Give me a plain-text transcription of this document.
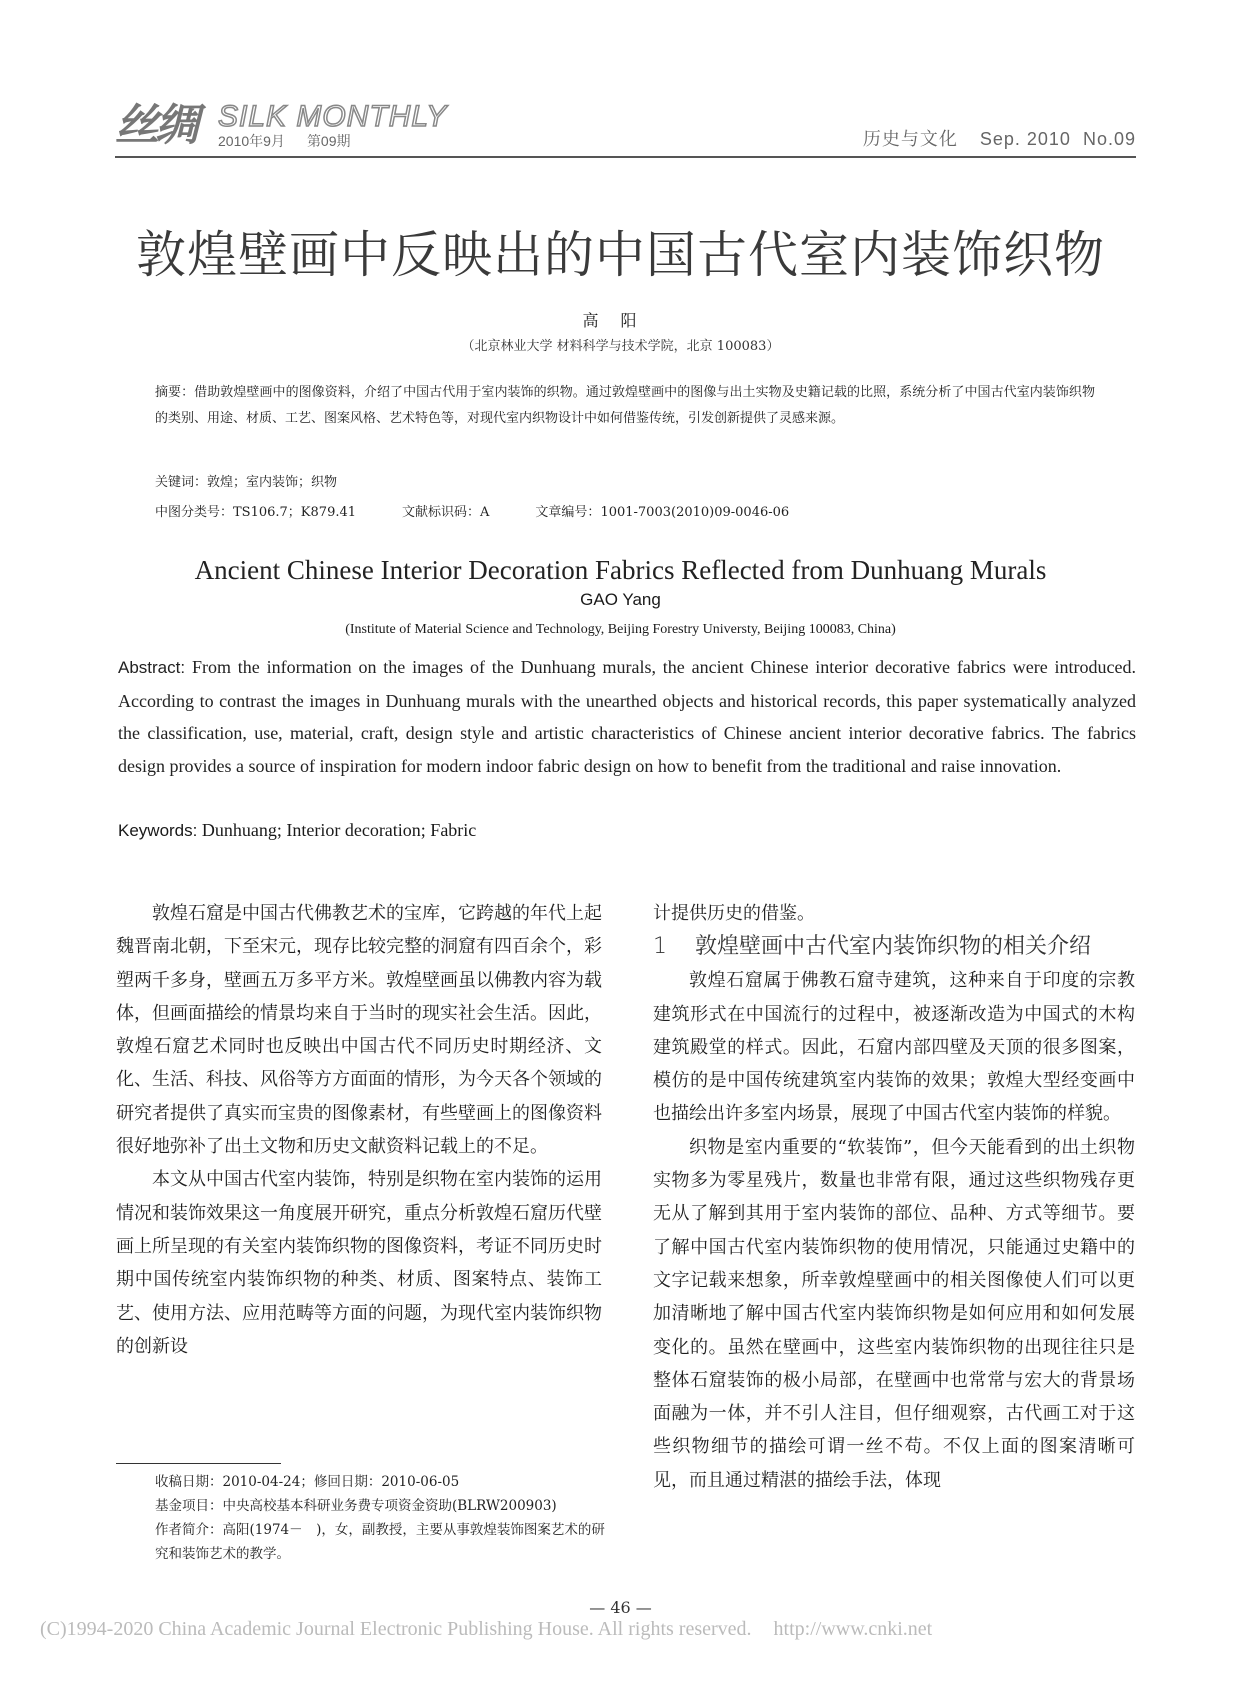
丝绸 SILK MONTHLY
2010年9月 第09期	历史与文化 Sep. 2010 No.09
敦煌壁画中反映出的中国古代室内装饰织物
高阳
（北京林业大学 材料科学与技术学院，北京 100083）
摘要：借助敦煌壁画中的图像资料，介绍了中国古代用于室内装饰的织物。通过敦煌壁画中的图像与出土实物及史籍记载的比照，系统分析了中国古代室内装饰织物的类别、用途、材质、工艺、图案风格、艺术特色等，对现代室内织物设计中如何借鉴传统，引发创新提供了灵感来源。
关键词：敦煌；室内装饰；织物
中图分类号：TS106.7；K879.41	文献标识码：A	文章编号：1001-7003(2010)09-0046-06
Ancient Chinese Interior Decoration Fabrics Reflected from Dunhuang Murals
GAO Yang
(Institute of Material Science and Technology, Beijing Forestry Universty, Beijing 100083, China)
Abstract: From the information on the images of the Dunhuang murals, the ancient Chinese interior decorative fabrics were introduced. According to contrast the images in Dunhuang murals with the unearthed objects and historical records, this paper systematically analyzed the classification, use, material, craft, design style and artistic characteristics of Chinese ancient interior decorative fabrics. The fabrics design provides a source of inspiration for modern indoor fabric design on how to benefit from the traditional and raise innovation.
Keywords: Dunhuang; Interior decoration; Fabric

敦煌石窟是中国古代佛教艺术的宝库，它跨越的年代上起魏晋南北朝，下至宋元，现存比较完整的洞窟有四百余个，彩塑两千多身，壁画五万多平方米。敦煌壁画虽以佛教内容为载体，但画面描绘的情景均来自于当时的现实社会生活。因此，敦煌石窟艺术同时也反映出中国古代不同历史时期经济、文化、生活、科技、风俗等方方面面的情形，为今天各个领域的研究者提供了真实而宝贵的图像素材，有些壁画上的图像资料很好地弥补了出土文物和历史文献资料记载上的不足。

本文从中国古代室内装饰，特别是织物在室内装饰的运用情况和装饰效果这一角度展开研究，重点分析敦煌石窟历代壁画上所呈现的有关室内装饰织物的图像资料，考证不同历史时期中国传统室内装饰织物的种类、材质、图案特点、装饰工艺、使用方法、应用范畴等方面的问题，为现代室内装饰织物的创新设

计提供历史的借鉴。

1 敦煌壁画中古代室内装饰织物的相关介绍

敦煌石窟属于佛教石窟寺建筑，这种来自于印度的宗教建筑形式在中国流行的过程中，被逐渐改造为中国式的木构建筑殿堂的样式。因此，石窟内部四壁及天顶的很多图案，模仿的是中国传统建筑室内装饰的效果；敦煌大型经变画中也描绘出许多室内场景，展现了中国古代室内装饰的样貌。

织物是室内重要的“软装饰”，但今天能看到的出土织物实物多为零星残片，数量也非常有限，通过这些织物残存更无从了解到其用于室内装饰的部位、品种、方式等细节。要了解中国古代室内装饰织物的使用情况，只能通过史籍中的文字记载来想象，所幸敦煌壁画中的相关图像使人们可以更加清晰地了解中国古代室内装饰织物是如何应用和如何发展变化的。虽然在壁画中，这些室内装饰织物的出现往往只是整体石窟装饰的极小局部，在壁画中也常常与宏大的背景场面融为一体，并不引人注目，但仔细观察，古代画工对于这些织物细节的描绘可谓一丝不苟。不仅上面的图案清晰可见，而且通过精湛的描绘手法，体现

收稿日期：2010-04-24；修回日期：2010-06-05
基金项目：中央高校基本科研业务费专项资金资助(BLRW200903)
作者简介：高阳(1974－　)，女，副教授，主要从事敦煌装饰图案艺术的研究和装饰艺术的教学。
— 46 —
(C)1994-2020 China Academic Journal Electronic Publishing House. All rights reserved. http://www.cnki.net
